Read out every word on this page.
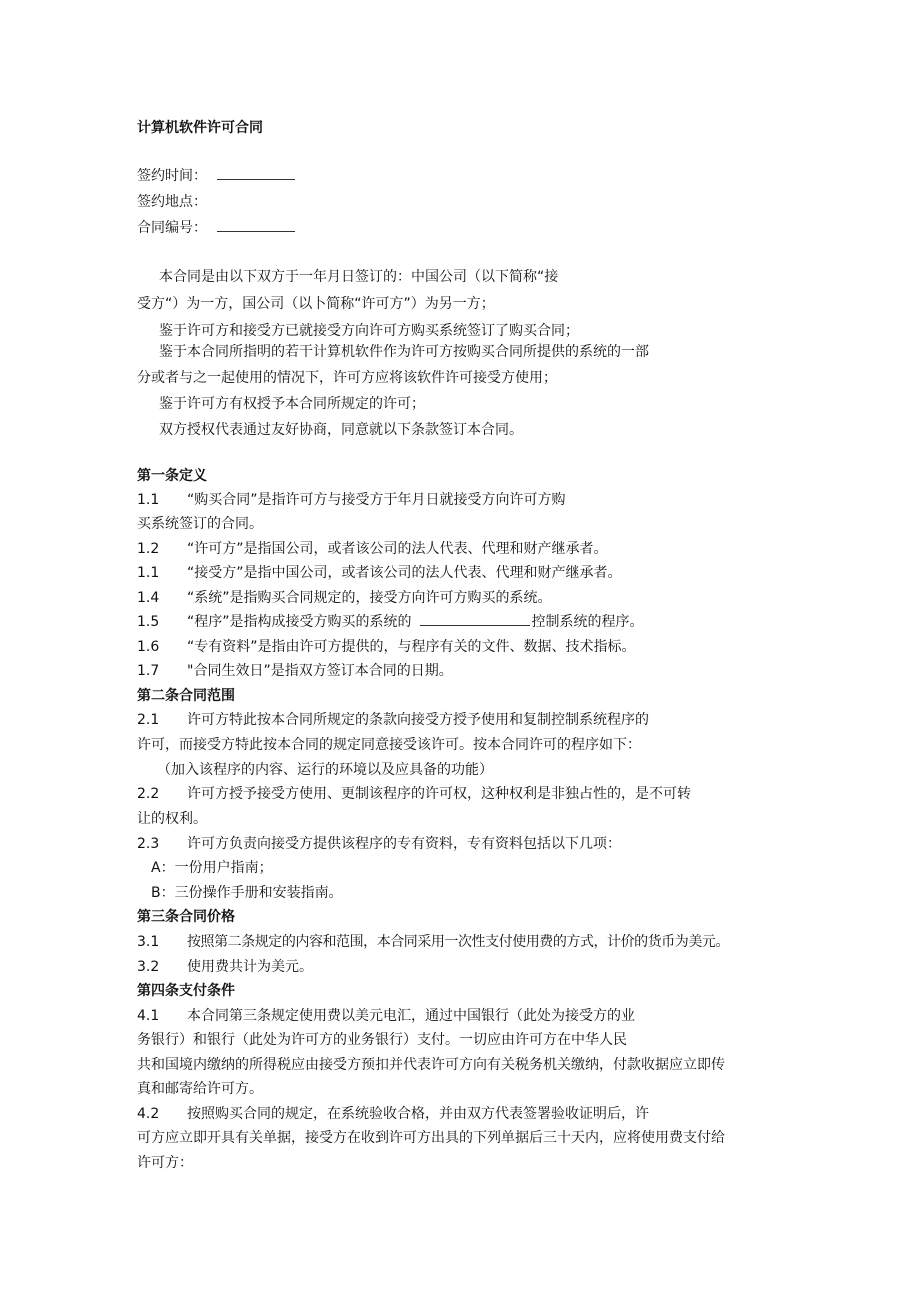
计算机软件许可合同
签约时间：
签约地点：
合同编号：
本合同是由以下双方于一年月日签订的：中国公司（以下简称“接
受方“）为一方，国公司（以卜简称“许可方”）为另一方；
鉴于许可方和接受方已就接受方向许可方购买系统签订了购买合同；
鉴于本合同所指明的若干计算机软件作为许可方按购买合同所提供的系统的一部
分或者与之一起使用的情况下，许可方应将该软件许可接受方使用；
鉴于许可方有权授予本合同所规定的许可；
双方授权代表通过友好协商，同意就以下条款签订本合同。
第一条定义
1.1 “购买合同”是指许可方与接受方于年月日就接受方向许可方购
买系统签订的合同。
1.2 “许可方”是指国公司，或者该公司的法人代表、代理和财产继承者。
1.1 “接受方”是指中国公司，或者该公司的法人代表、代理和财产继承者。
1.4 “系统”是指购买合同规定的，接受方向许可方购买的系统。
1.5 “程序”是指构成接受方购买的系统的	控制系统的程序。
1.6 “专有资料”是指由许可方提供的，与程序有关的文件、数据、技术指标。
1.7 "合同生效日”是指双方签订本合同的日期。
第二条合同范围
2.1 许可方特此按本合同所规定的条款向接受方授予使用和复制控制系统程序的
许可，而接受方特此按本合同的规定同意接受该许可。按本合同许可的程序如下：
（加入该程序的内容、运行的环境以及应具备的功能）
2.2 许可方授予接受方使用、更制该程序的许可权，这种权利是非独占性的，是不可转
让的权利。
2.3 许可方负责向接受方提供该程序的专有资料，专有资料包括以下几项：
A：一份用户指南；
B：三份操作手册和安装指南。
第三条合同价格
3.1 按照第二条规定的内容和范围，本合同采用一次性支付使用费的方式，计价的货币为美元。
3.2 使用费共计为美元。
第四条支付条件
4.1 本合同第三条规定使用费以美元电汇，通过中国银行（此处为接受方的业
务银行）和银行（此处为许可方的业务银行）支付。一切应由许可方在中华人民
共和国境内缴纳的所得税应由接受方预扣并代表许可方向有关税务机关缴纳，付款收据应立即传
真和邮寄给许可方。
4.2 按照购买合同的规定，在系统验收合格，并由双方代表签署验收证明后，许
可方应立即开具有关单据，接受方在收到许可方出具的下列单据后三十天内，应将使用费支付给
许可方：
